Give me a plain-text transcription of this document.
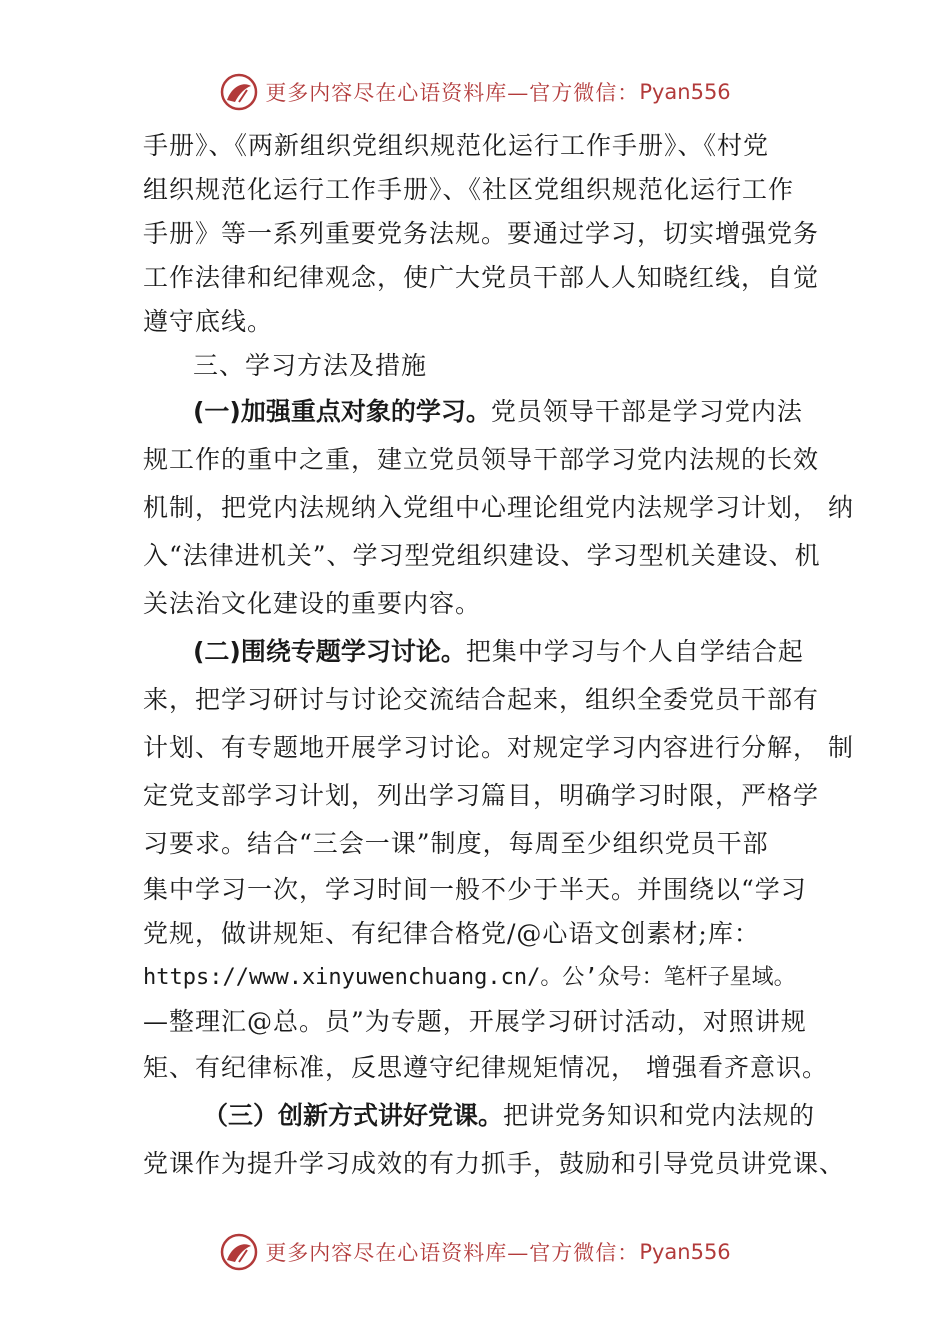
更多内容尽在心语资料库—官方微信： Pyan556
手册》、《两新组织党组织规范化运行工作手册》、《村党
组织规范化运行工作手册》、《社区党组织规范化运行工作
手册》等一系列重要党务法规。要通过学习，切实增强党务
工作法律和纪律观念，使广大党员干部人人知晓红线，自觉
遵守底线。
三、学习方法及措施
(一)加强重点对象的学习。党员领导干部是学习党内法
规工作的重中之重，建立党员领导干部学习党内法规的长效
机制，把党内法规纳入党组中心理论组党内法规学习计划， 纳
入“法律进机关”、学习型党组织建设、学习型机关建设、机
关法治文化建设的重要内容。
(二)围绕专题学习讨论。把集中学习与个人自学结合起
来，把学习研讨与讨论交流结合起来，组织全委党员干部有
计划、有专题地开展学习讨论。对规定学习内容进行分解， 制
定党支部学习计划，列出学习篇目，明确学习时限，严格学
习要求。结合“三会一课”制度，每周至少组织党员干部
集中学习一次，学习时间一般不少于半天。并围绕以“学习
党规，做讲规矩、有纪律合格党/@心语文创素材;库：
https://www.xinyuwenchuang.cn/。公’众号：笔杆子星域。
—整理汇@总。员”为专题，开展学习研讨活动，对照讲规
矩、有纪律标准，反思遵守纪律规矩情况， 增强看齐意识。
（三）创新方式讲好党课。把讲党务知识和党内法规的
党课作为提升学习成效的有力抓手，鼓励和引导党员讲党课、
更多内容尽在心语资料库—官方微信： Pyan556
